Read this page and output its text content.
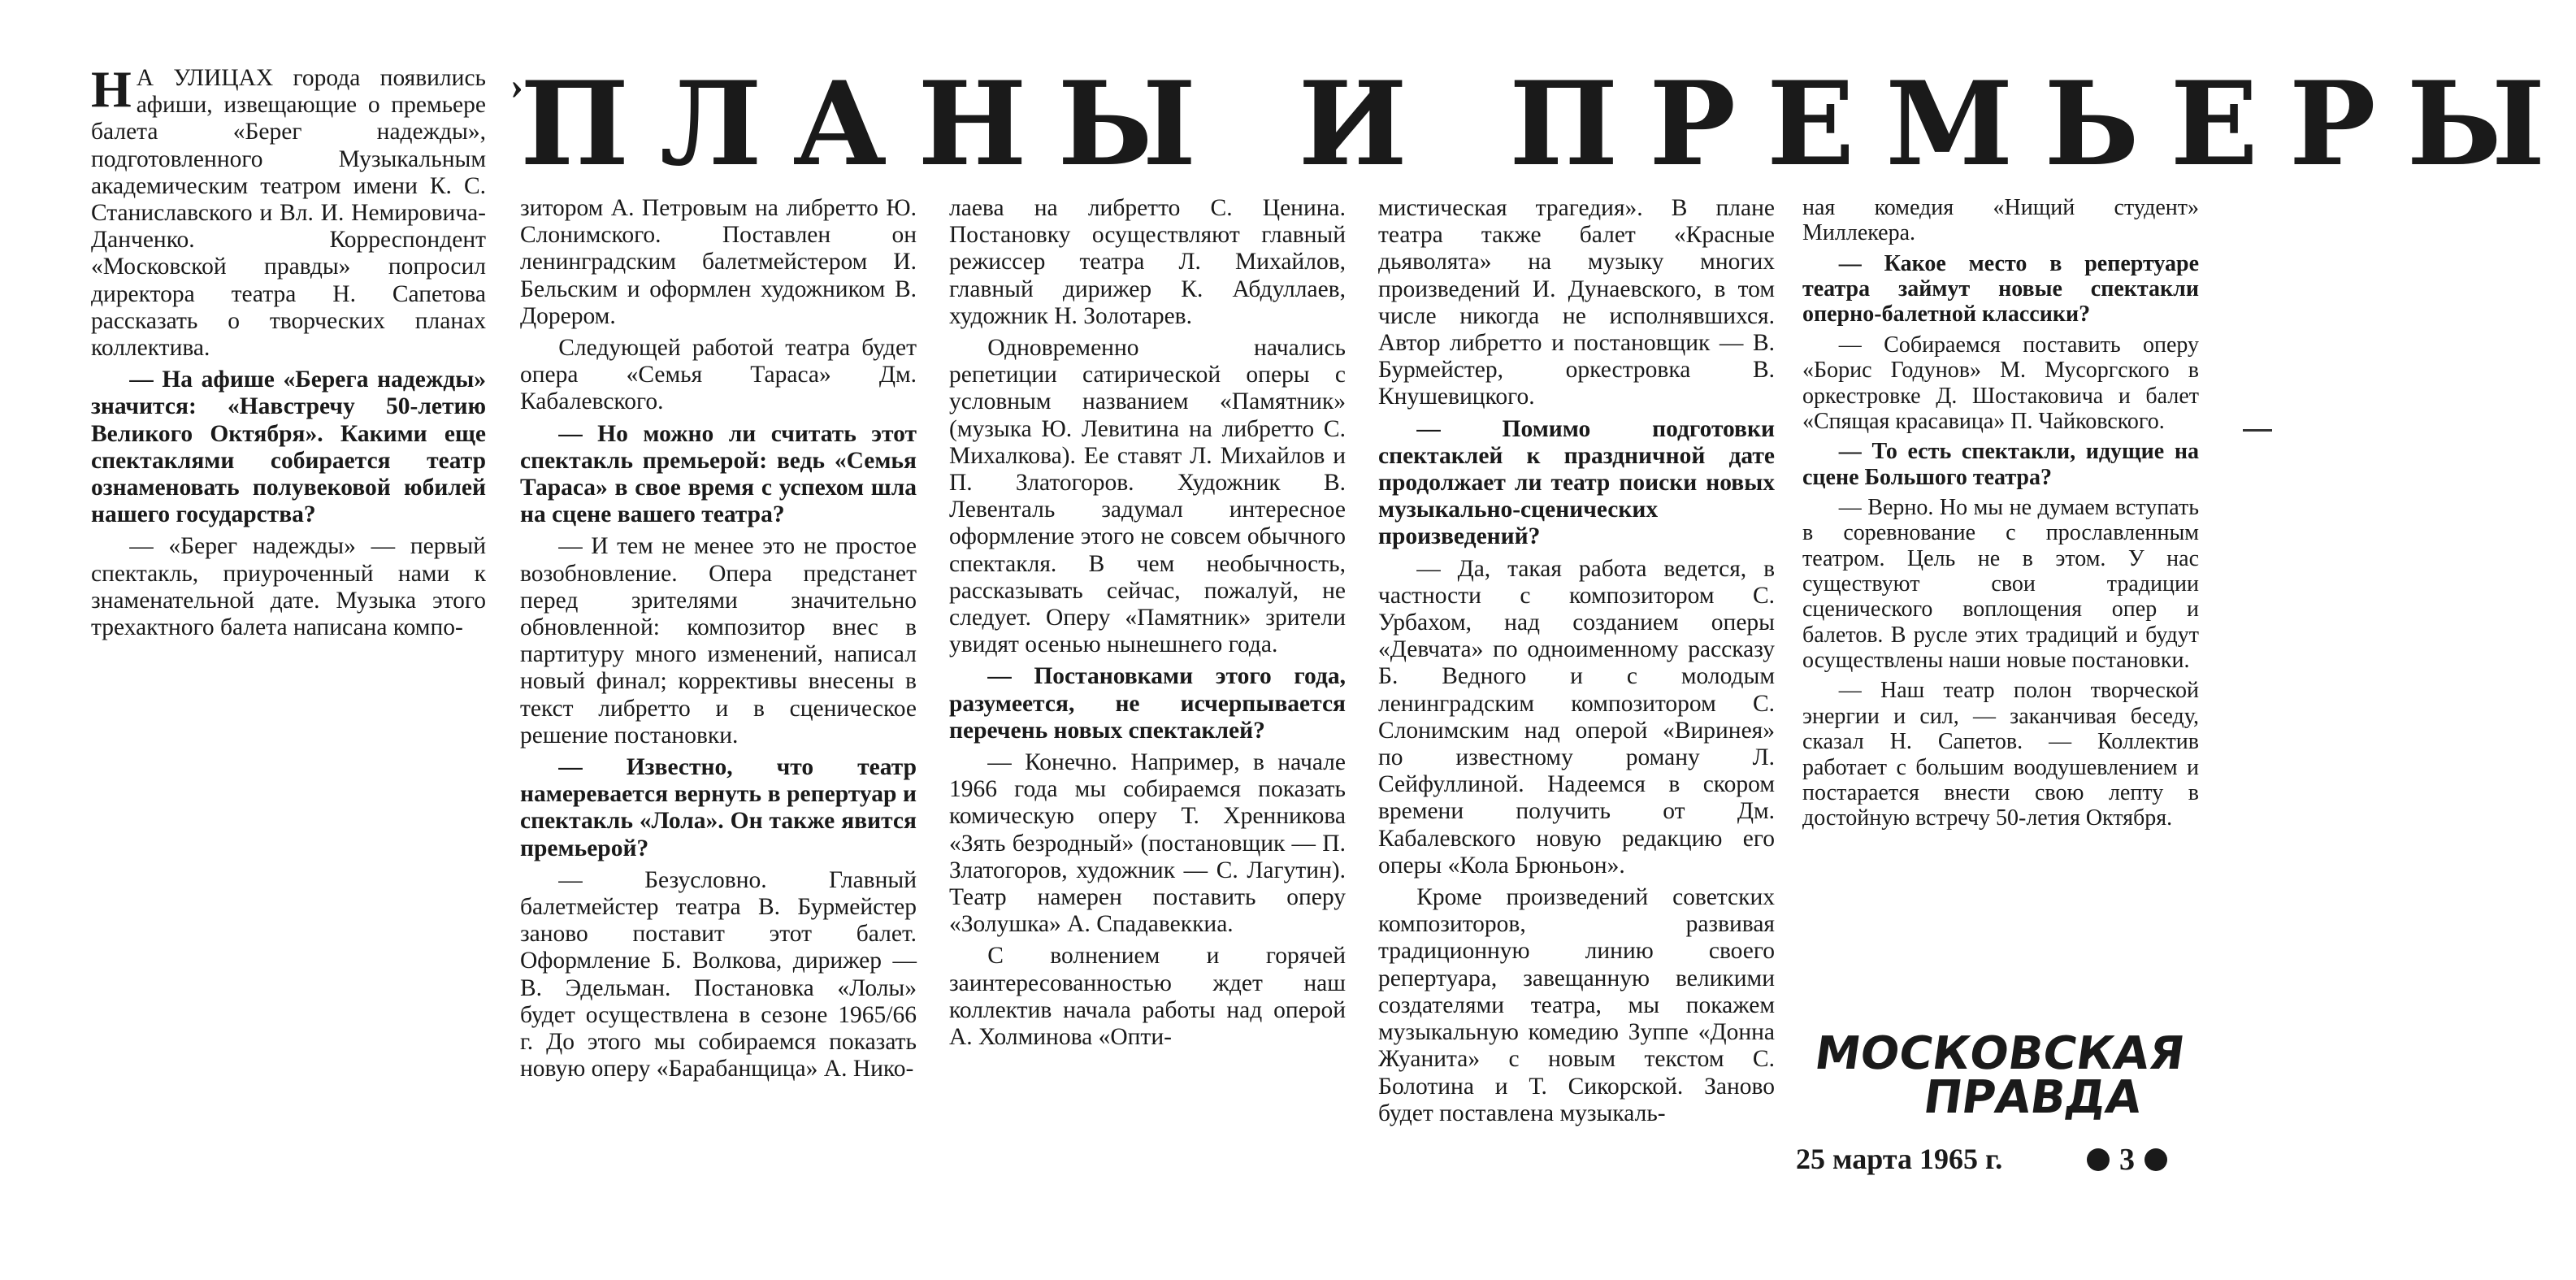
›
ПЛАНЫ И ПРЕМЬЕРЫ

Н А УЛИЦАХ города появились афиши, извещающие о премьере балета «Берег надежды», подготовленного Музыкальным академическим театром имени К. С. Станиславского и Вл. И. Немировича-Данченко. Корреспондент «Московской правды» попросил директора театра Н. Сапетова рассказать о творческих планах коллектива.

— На афише «Берега надежды» значится: «Навстречу 50-летию Великого Октября». Какими еще спектаклями собирается театр ознаменовать полувековой юбилей нашего государства?

— «Берег надежды» — первый спектакль, приуроченный нами к знаменательной дате. Музыка этого трехактного балета написана компо-

зитором А. Петровым на либретто Ю. Слонимского. Поставлен он ленинградским балетмейстером И. Бельским и оформлен художником В. Дорером.

Следующей работой театра будет опера «Семья Тараса» Дм. Кабалевского.

— Но можно ли считать этот спектакль премьерой: ведь «Семья Тараса» в свое время с успехом шла на сцене вашего театра?

— И тем не менее это не простое возобновление. Опера предстанет перед зрителями значительно обновленной: композитор внес в партитуру много изменений, написал новый финал; коррективы внесены в текст либретто и в сценическое решение постановки.

— Известно, что театр намеревается вернуть в репертуар и спектакль «Лола». Он также явится премьерой?

— Безусловно. Главный балетмейстер театра В. Бурмейстер заново поставит этот балет. Оформление Б. Волкова, дирижер — В. Эдельман. Постановка «Лолы» будет осуществлена в сезоне 1965/66 г. До этого мы собираемся показать новую оперу «Барабанщица» А. Нико-

лаева на либретто С. Ценина. Постановку осуществляют главный режиссер театра Л. Михайлов, главный дирижер К. Абдуллаев, художник Н. Золотарев.

Одновременно начались репетиции сатирической оперы с условным названием «Памятник» (музыка Ю. Левитина на либретто С. Михалкова). Ее ставят Л. Михайлов и П. Златогоров. Художник В. Левенталь задумал интересное оформление этого не совсем обычного спектакля. В чем необычность, рассказывать сейчас, пожалуй, не следует. Оперу «Памятник» зрители увидят осенью нынешнего года.

— Постановками этого года, разумеется, не исчерпывается перечень новых спектаклей?

— Конечно. Например, в начале 1966 года мы собираемся показать комическую оперу Т. Хренникова «Зять безродный» (постановщик — П. Златогоров, художник — С. Лагутин). Театр намерен поставить оперу «Золушка» А. Спадавеккиа.

С волнением и горячей заинтересованностью ждет наш коллектив начала работы над оперой А. Холминова «Опти-

мистическая трагедия». В плане театра также балет «Красные дьяволята» на музыку многих произведений И. Дунаевского, в том числе никогда не исполнявшихся. Автор либретто и постановщик — В. Бурмейстер, оркестровка В. Кнушевицкого.

— Помимо подготовки спектаклей к праздничной дате продолжает ли театр поиски новых музыкально-сценических произведений?

— Да, такая работа ведется, в частности с композитором С. Урбахом, над созданием оперы «Девчата» по одноименному рассказу Б. Ведного и с молодым ленинградским композитором С. Слонимским над оперой «Виринея» по известному роману Л. Сейфуллиной. Надеемся в скором времени получить от Дм. Кабалевского новую редакцию его оперы «Кола Брюньон».

Кроме произведений советских композиторов, развивая традиционную линию своего репертуара, завещанную великими создателями театра, мы покажем музыкальную комедию Зуппе «Донна Жуанита» с новым текстом С. Болотина и Т. Сикорской. Заново будет поставлена музыкаль-

ная комедия «Нищий студент» Миллекера.

— Какое место в репертуаре театра займут новые спектакли оперно-балетной классики?

— Собираемся поставить оперу «Борис Годунов» М. Мусоргского в оркестровке Д. Шостаковича и балет «Спящая красавица» П. Чайковского.

— То есть спектакли, идущие на сцене Большого театра?

— Верно. Но мы не думаем вступать в соревнование с прославленным театром. Цель не в этом. У нас существуют свои традиции сценического воплощения опер и балетов. В русле этих традиций и будут осуществлены наши новые постановки.

— Наш театр полон творческой энергии и сил, — заканчивая беседу, сказал Н. Сапетов. — Коллектив работает с большим воодушевлением и постарается внести свою лепту в достойную встречу 50-летия Октября.

МОСКОВСКАЯ
ПРАВДА
25 марта 1965 г.	3
